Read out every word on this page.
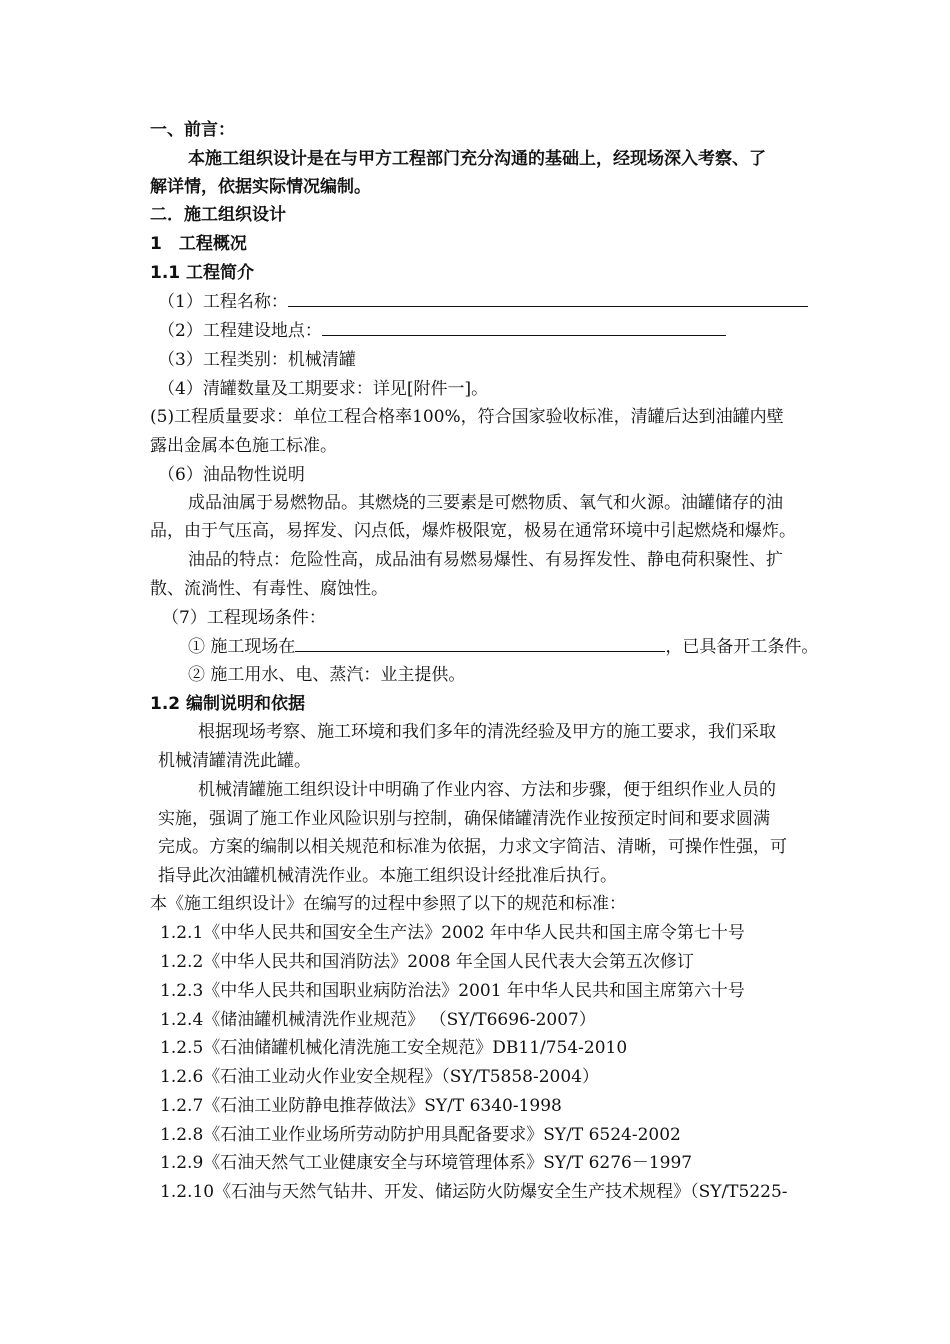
一、前言：
本施工组织设计是在与甲方工程部门充分沟通的基础上，经现场深入考察、了
解详情，依据实际情况编制。
二．施工组织设计
1　工程概况
1.1 工程简介
（1）工程名称：
（2）工程建设地点：
（3）工程类别：机械清罐
（4）清罐数量及工期要求：详见[附件一]。
(5)工程质量要求：单位工程合格率100%，符合国家验收标准，清罐后达到油罐内壁
露出金属本色施工标准。
（6）油品物性说明
成品油属于易燃物品。其燃烧的三要素是可燃物质、氧气和火源。油罐储存的油
品，由于气压高，易挥发、闪点低，爆炸极限宽，极易在通常环境中引起燃烧和爆炸。
油品的特点：危险性高，成品油有易燃易爆性、有易挥发性、静电荷积聚性、扩
散、流淌性、有毒性、腐蚀性。
（7）工程现场条件：
① 施工现场在	，已具备开工条件。
② 施工用水、电、蒸汽：业主提供。
1.2 编制说明和依据
根据现场考察、施工环境和我们多年的清洗经验及甲方的施工要求，我们采取
机械清罐清洗此罐。
机械清罐施工组织设计中明确了作业内容、方法和步骤，便于组织作业人员的
实施，强调了施工作业风险识别与控制，确保储罐清洗作业按预定时间和要求圆满
完成。方案的编制以相关规范和标准为依据，力求文字简洁、清晰，可操作性强，可
指导此次油罐机械清洗作业。本施工组织设计经批准后执行。
本《施工组织设计》在编写的过程中参照了以下的规范和标准：
1.2.1《中华人民共和国安全生产法》2002 年中华人民共和国主席令第七十号
1.2.2《中华人民共和国消防法》2008 年全国人民代表大会第五次修订
1.2.3《中华人民共和国职业病防治法》2001 年中华人民共和国主席第六十号
1.2.4《储油罐机械清洗作业规范》 （SY/T6696-2007）
1.2.5《石油储罐机械化清洗施工安全规范》DB11/754-2010
1.2.6《石油工业动火作业安全规程》（SY/T5858-2004）
1.2.7《石油工业防静电推荐做法》SY/T 6340-1998
1.2.8《石油工业作业场所劳动防护用具配备要求》SY/T 6524-2002
1.2.9《石油天然气工业健康安全与环境管理体系》SY/T 6276－1997
1.2.10《石油与天然气钻井、开发、储运防火防爆安全生产技术规程》（SY/T5225-
